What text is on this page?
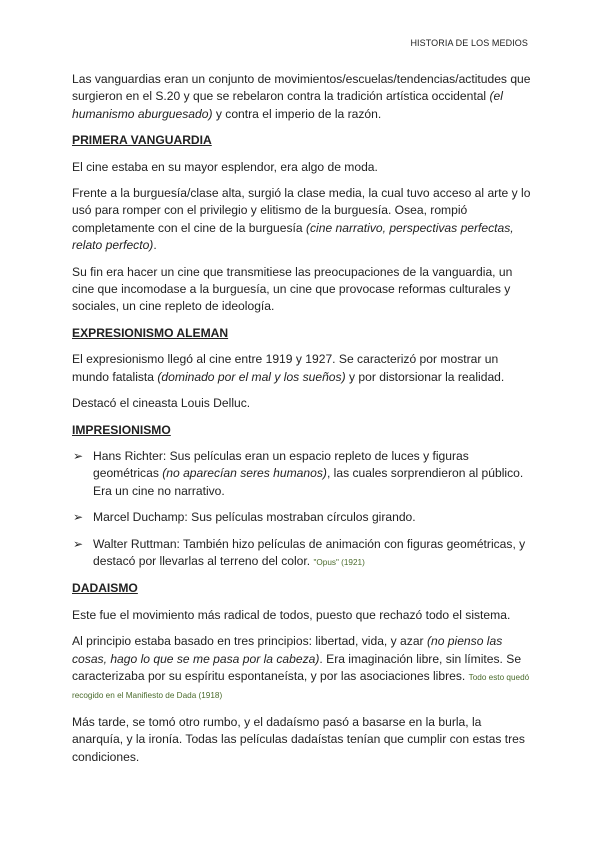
HISTORIA DE LOS MEDIOS

Las vanguardias eran un conjunto de movimientos/escuelas/tendencias/actitudes que surgieron en el S.20 y que se rebelaron contra la tradición artística occidental (el humanismo aburguesado) y contra el imperio de la razón.

PRIMERA VANGUARDIA

El cine estaba en su mayor esplendor, era algo de moda.

Frente a la burguesía/clase alta, surgió la clase media, la cual tuvo acceso al arte y lo usó para romper con el privilegio y elitismo de la burguesía. Osea, rompió completamente con el cine de la burguesía (cine narrativo, perspectivas perfectas, relato perfecto).

Su fin era hacer un cine que transmitiese las preocupaciones de la vanguardia, un cine que incomodase a la burguesía, un cine que provocase reformas culturales y sociales, un cine repleto de ideología.

EXPRESIONISMO ALEMAN

El expresionismo llegó al cine entre 1919 y 1927. Se caracterizó por mostrar un mundo fatalista (dominado por el mal y los sueños) y por distorsionar la realidad.

Destacó el cineasta Louis Delluc.

IMPRESIONISMO

➢ Hans Richter: Sus películas eran un espacio repleto de luces y figuras geométricas (no aparecían seres humanos), las cuales sorprendieron al público. Era un cine no narrativo.
➢ Marcel Duchamp: Sus películas mostraban círculos girando.
➢ Walter Ruttman: También hizo películas de animación con figuras geométricas, y destacó por llevarlas al terreno del color. "Opus" (1921)

DADAISMO

Este fue el movimiento más radical de todos, puesto que rechazó todo el sistema.

Al principio estaba basado en tres principios: libertad, vida, y azar (no pienso las cosas, hago lo que se me pasa por la cabeza). Era imaginación libre, sin límites. Se caracterizaba por su espíritu espontaneísta, y por las asociaciones libres. Todo esto quedó recogido en el Manifiesto de Dada (1918)

Más tarde, se tomó otro rumbo, y el dadaísmo pasó a basarse en la burla, la anarquía, y la ironía. Todas las películas dadaístas tenían que cumplir con estas tres condiciones.
